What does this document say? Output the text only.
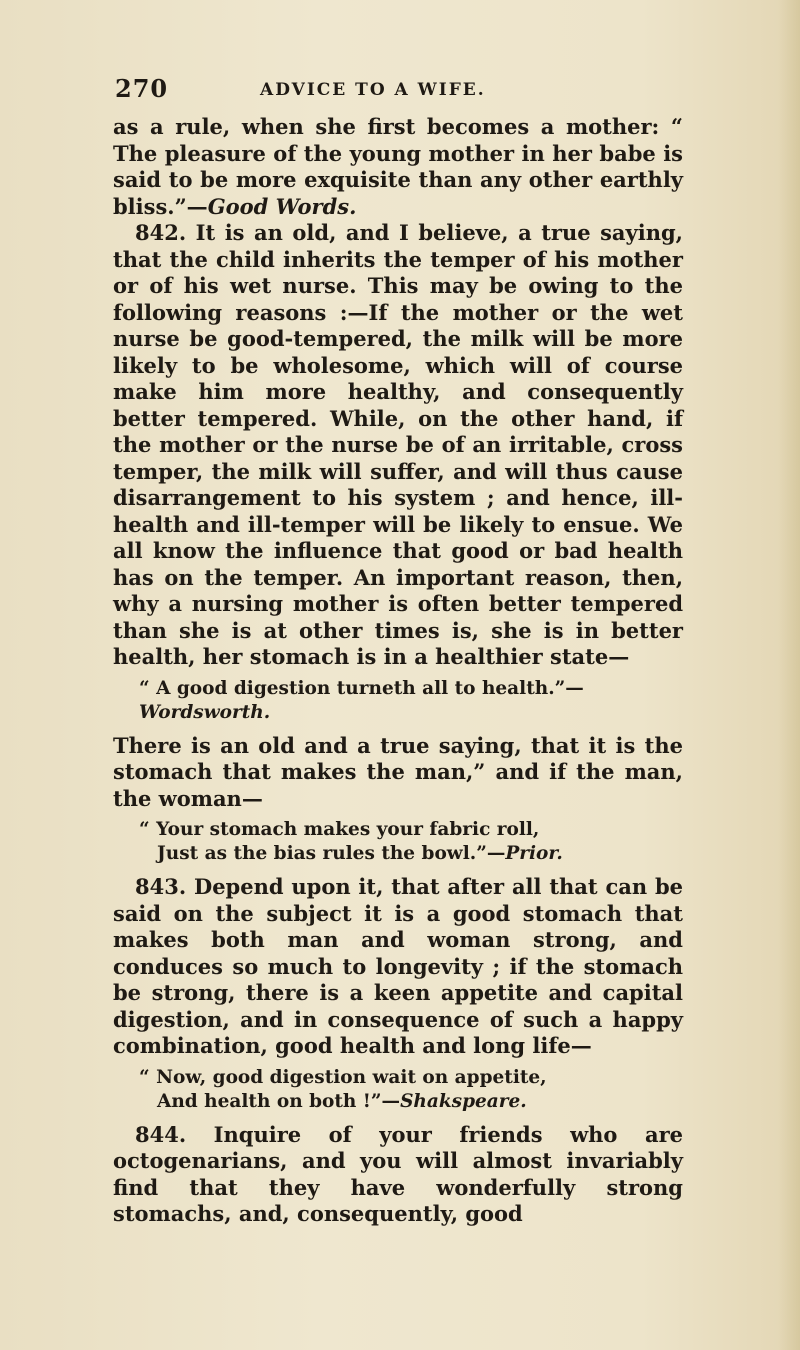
270	ADVICE TO A WIFE.

as a rule, when she first becomes a mother: “ The pleasure of the young mother in her babe is said to be more exquisite than any other earthly bliss.”—Good Words.

842. It is an old, and I believe, a true saying, that the child inherits the temper of his mother or of his wet nurse. This may be owing to the following reasons :—If the mother or the wet nurse be good-tempered, the milk will be more likely to be wholesome, which will of course make him more healthy, and consequently better tempered. While, on the other hand, if the mother or the nurse be of an irritable, cross temper, the milk will suffer, and will thus cause disarrangement to his system ; and hence, ill-health and ill-temper will be likely to ensue. We all know the influence that good or bad health has on the temper. An important reason, then, why a nursing mother is often better tempered than she is at other times is, she is in better health, her stomach is in a healthier state—

“ A good digestion turneth all to health.”—Wordsworth.

There is an old and a true saying, that it is the stomach that makes the man,” and if the man, the woman—

“ Your stomach makes your fabric roll,
Just as the bias rules the bowl.”—Prior.

843. Depend upon it, that after all that can be said on the subject it is a good stomach that makes both man and woman strong, and conduces so much to longevity ; if the stomach be strong, there is a keen appetite and capital digestion, and in consequence of such a happy combination, good health and long life—

“ Now, good digestion wait on appetite,
And health on both !”—Shakspeare.

844. Inquire of your friends who are octogenarians, and you will almost invariably find that they have wonderfully strong stomachs, and, consequently, good
